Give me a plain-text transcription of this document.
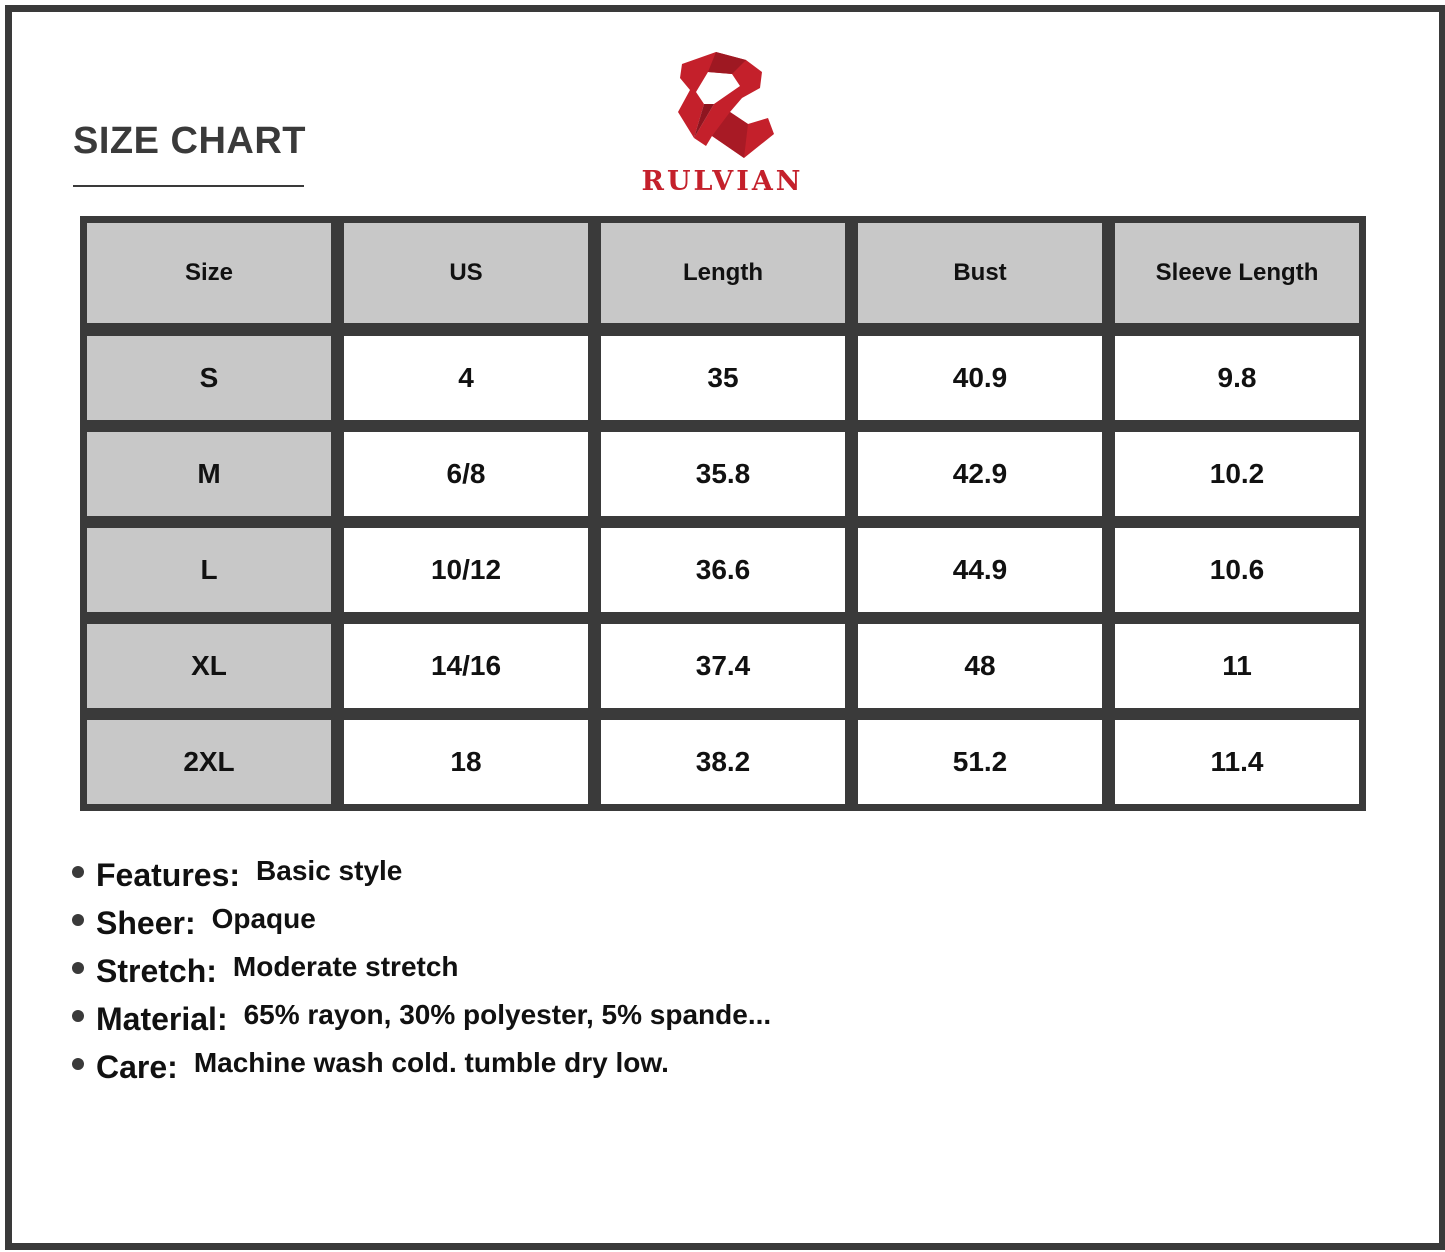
SIZE CHART
RULVIAN
Size	US	Length	Bust	Sleeve Length
S	4	35	40.9	9.8
M	6/8	35.8	42.9	10.2
L	10/12	36.6	44.9	10.6
XL	14/16	37.4	48	11
2XL	18	38.2	51.2	11.4
Features: Basic style
Sheer: Opaque
Stretch: Moderate stretch
Material: 65% rayon, 30% polyester, 5% spande...
Care: Machine wash cold. tumble dry low.
